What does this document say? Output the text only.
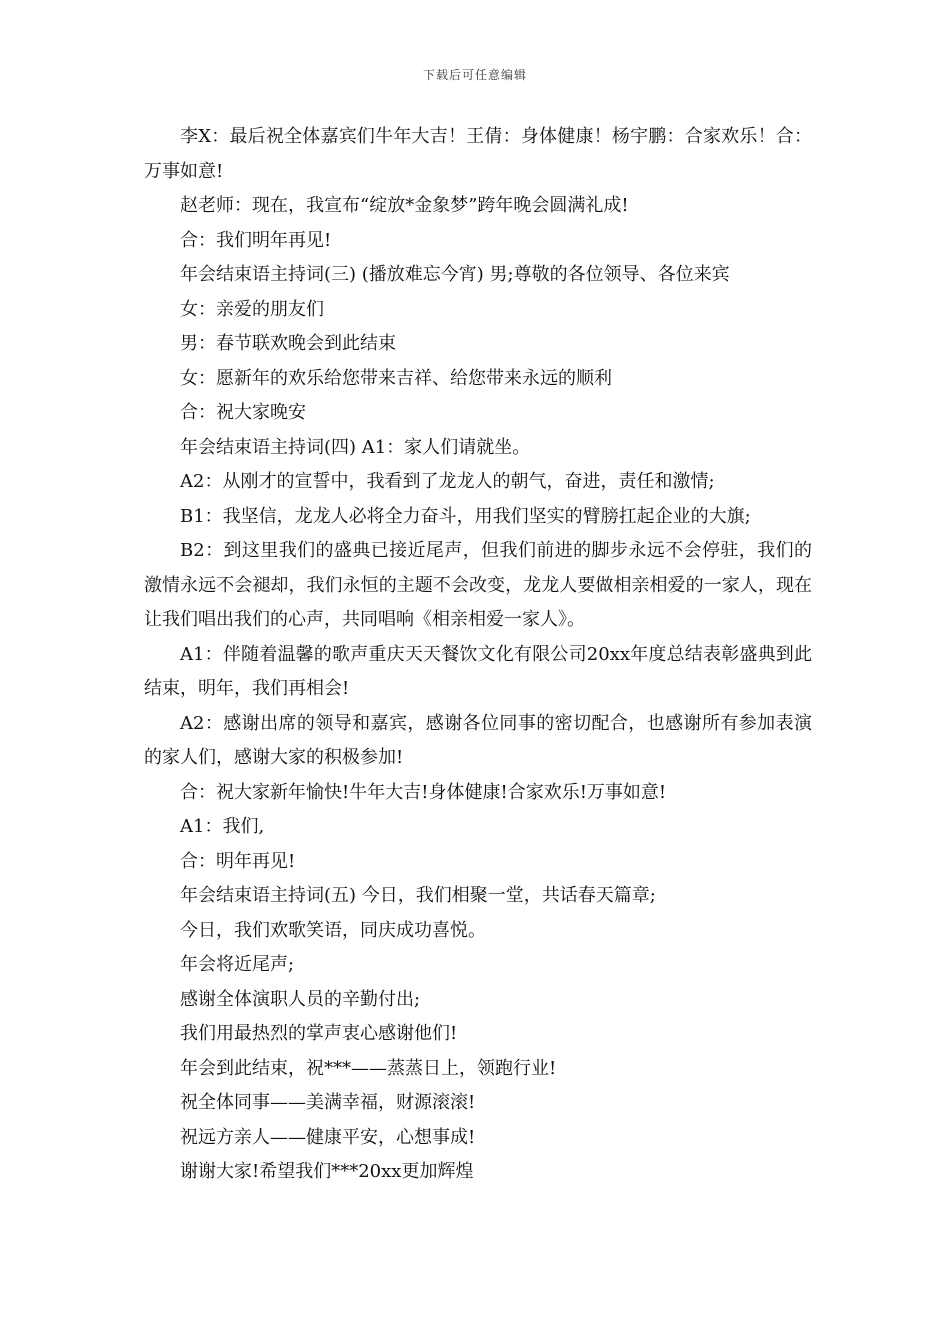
下载后可任意编辑

李X：最后祝全体嘉宾们牛年大吉！王倩：身体健康！杨宇鹏：合家欢乐！合：万事如意!

赵老师：现在，我宣布“绽放*金象梦”跨年晚会圆满礼成!

合：我们明年再见!

年会结束语主持词(三) (播放难忘今宵) 男;尊敬的各位领导、各位来宾

女：亲爱的朋友们

男：春节联欢晚会到此结束

女：愿新年的欢乐给您带来吉祥、给您带来永远的顺利

合：祝大家晚安

年会结束语主持词(四) A1：家人们请就坐。

A2：从刚才的宣誓中，我看到了龙龙人的朝气，奋进，责任和激情;

B1：我坚信，龙龙人必将全力奋斗，用我们坚实的臂膀扛起企业的大旗;

B2：到这里我们的盛典已接近尾声，但我们前进的脚步永远不会停驻，我们的激情永远不会褪却，我们永恒的主题不会改变，龙龙人要做相亲相爱的一家人，现在让我们唱出我们的心声，共同唱响《相亲相爱一家人》。

A1：伴随着温馨的歌声重庆天天餐饮文化有限公司20xx年度总结表彰盛典到此结束，明年，我们再相会!

A2：感谢出席的领导和嘉宾，感谢各位同事的密切配合，也感谢所有参加表演的家人们，感谢大家的积极参加!

合：祝大家新年愉快!牛年大吉!身体健康!合家欢乐!万事如意!

A1：我们,

合：明年再见!

年会结束语主持词(五) 今日，我们相聚一堂，共话春天篇章;

今日，我们欢歌笑语，同庆成功喜悦。

年会将近尾声;

感谢全体演职人员的辛勤付出;

我们用最热烈的掌声衷心感谢他们!

年会到此结束，祝***——蒸蒸日上，领跑行业!

祝全体同事——美满幸福，财源滚滚!

祝远方亲人——健康平安，心想事成!

谢谢大家!希望我们***20xx更加辉煌
